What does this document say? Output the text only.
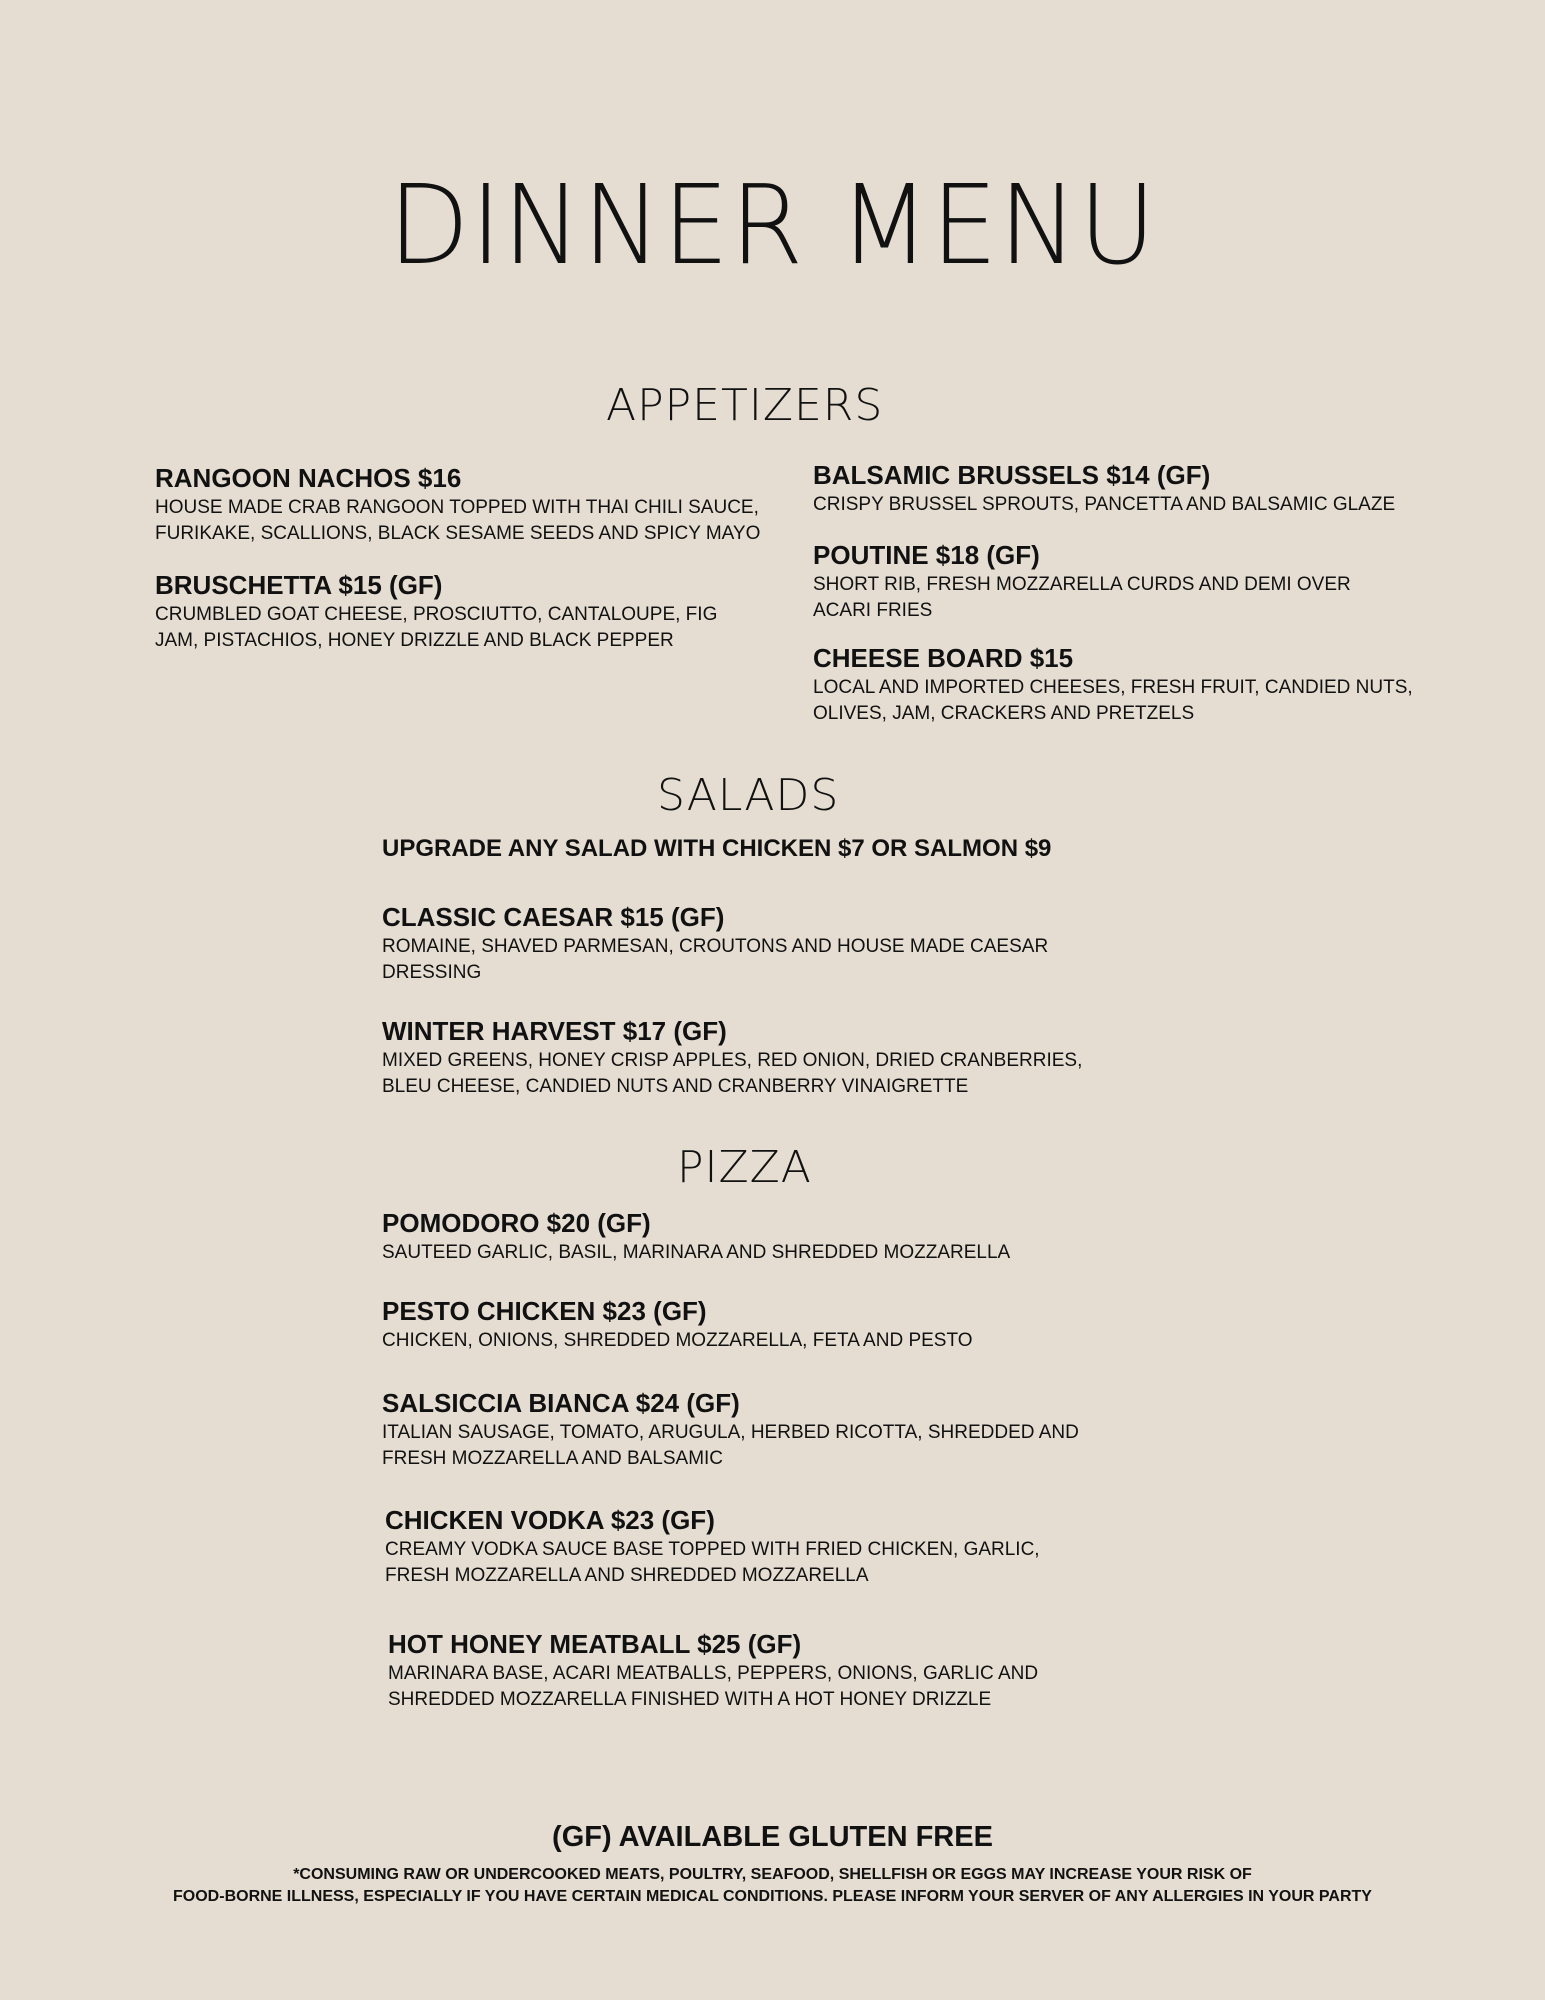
DINNER MENU
APPETIZERS
RANGOON NACHOS $16
HOUSE MADE CRAB RANGOON TOPPED WITH THAI CHILI SAUCE, FURIKAKE, SCALLIONS, BLACK SESAME SEEDS AND SPICY MAYO
BRUSCHETTA $15 (GF)
CRUMBLED GOAT CHEESE, PROSCIUTTO, CANTALOUPE, FIG JAM, PISTACHIOS, HONEY DRIZZLE AND BLACK PEPPER
BALSAMIC BRUSSELS $14 (GF)
CRISPY BRUSSEL SPROUTS, PANCETTA AND BALSAMIC GLAZE
POUTINE $18 (GF)
SHORT RIB, FRESH MOZZARELLA CURDS AND DEMI OVER ACARI FRIES
CHEESE BOARD $15
LOCAL AND IMPORTED CHEESES, FRESH FRUIT, CANDIED NUTS, OLIVES, JAM, CRACKERS AND PRETZELS
SALADS
UPGRADE ANY SALAD WITH CHICKEN $7 OR SALMON $9
CLASSIC CAESAR $15 (GF)
ROMAINE, SHAVED PARMESAN, CROUTONS AND HOUSE MADE CAESAR DRESSING
WINTER HARVEST $17 (GF)
MIXED GREENS, HONEY CRISP APPLES, RED ONION, DRIED CRANBERRIES, BLEU CHEESE, CANDIED NUTS AND CRANBERRY VINAIGRETTE
PIZZA
POMODORO $20 (GF)
SAUTEED GARLIC, BASIL, MARINARA AND SHREDDED MOZZARELLA
PESTO CHICKEN $23 (GF)
CHICKEN, ONIONS, SHREDDED MOZZARELLA, FETA AND PESTO
SALSICCIA BIANCA $24 (GF)
ITALIAN SAUSAGE, TOMATO, ARUGULA, HERBED RICOTTA, SHREDDED AND FRESH MOZZARELLA AND BALSAMIC
CHICKEN VODKA $23 (GF)
CREAMY VODKA SAUCE BASE TOPPED WITH FRIED CHICKEN, GARLIC, FRESH MOZZARELLA AND SHREDDED MOZZARELLA
HOT HONEY MEATBALL $25 (GF)
MARINARA BASE, ACARI MEATBALLS, PEPPERS, ONIONS, GARLIC AND SHREDDED MOZZARELLA FINISHED WITH A HOT HONEY DRIZZLE
(GF) AVAILABLE GLUTEN FREE
*CONSUMING RAW OR UNDERCOOKED MEATS, POULTRY, SEAFOOD, SHELLFISH OR EGGS MAY INCREASE YOUR RISK OF
FOOD-BORNE ILLNESS, ESPECIALLY IF YOU HAVE CERTAIN MEDICAL CONDITIONS. PLEASE INFORM YOUR SERVER OF ANY ALLERGIES IN YOUR PARTY
